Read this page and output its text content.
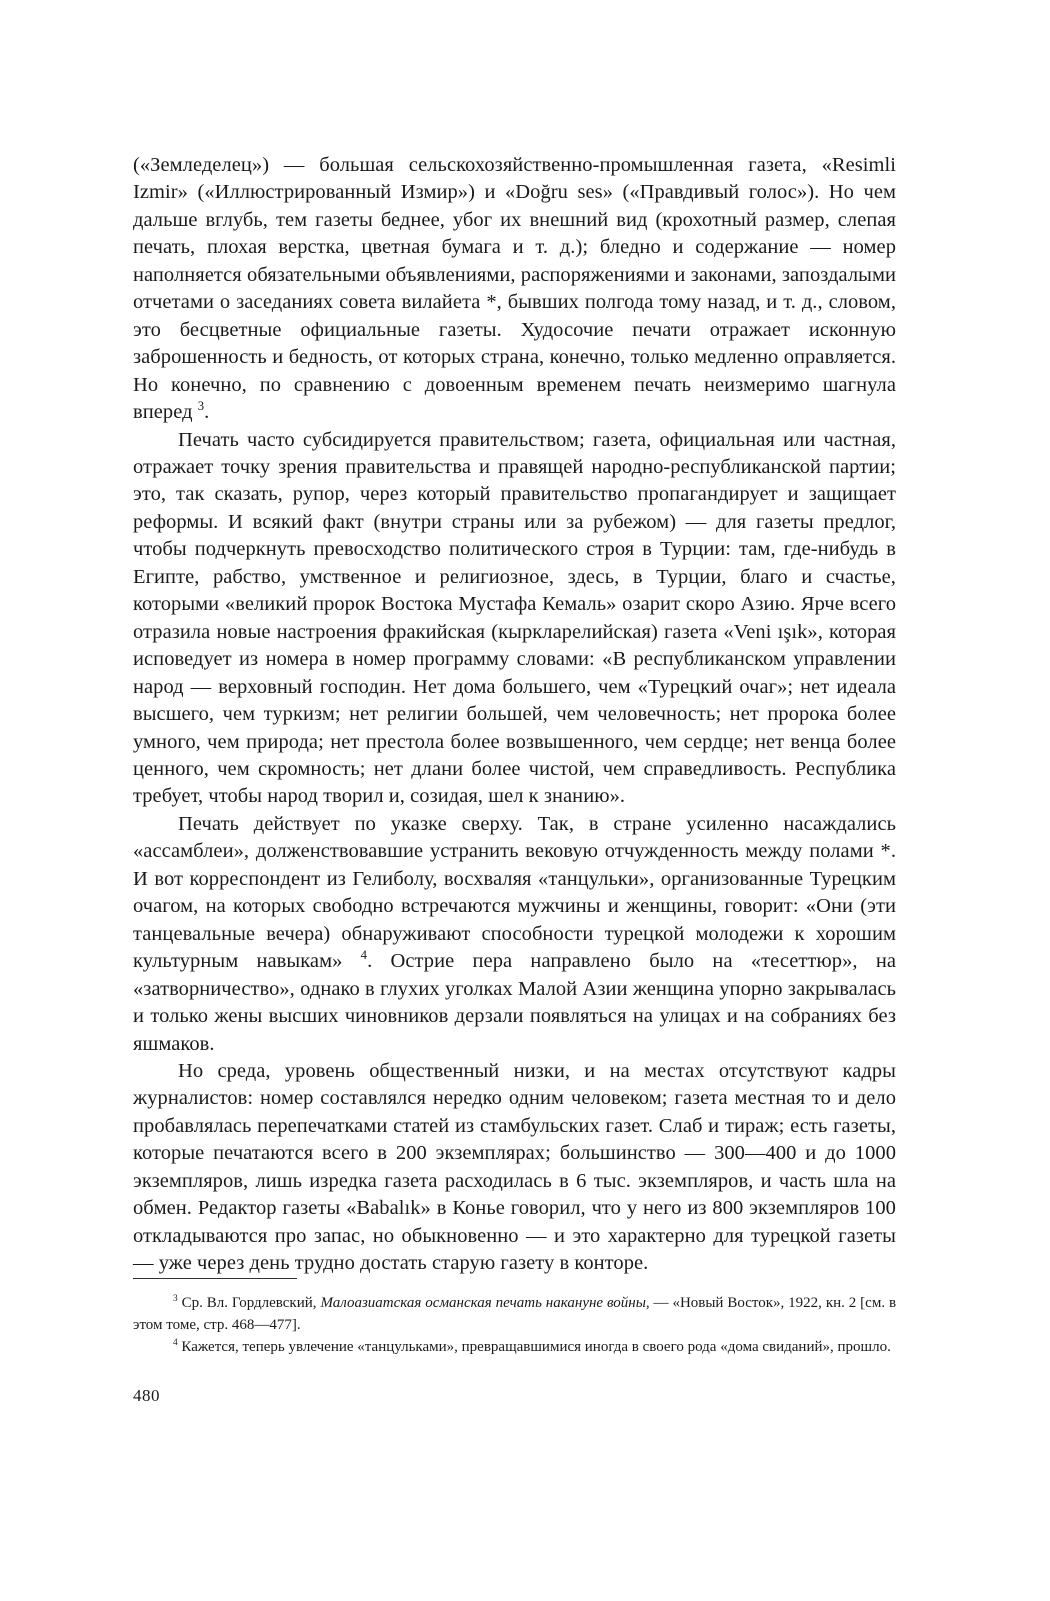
(«Земледелец») — большая сельскохозяйственно-промышленная газета, «Resimli Izmir» («Иллюстрированный Измир») и «Doğru ses» («Правдивый голос»). Но чем дальше вглубь, тем газеты беднее, убог их внешний вид (крохотный размер, слепая печать, плохая верстка, цветная бумага и т. д.); бледно и содержание — номер наполняется обязательными объявлениями, распоряжениями и законами, запоздалыми отчетами о заседаниях совета вилайета *, бывших полгода тому назад, и т. д., словом, это бесцветные официальные газеты. Худосочие печати отражает исконную заброшенность и бедность, от которых страна, конечно, только медленно оправляется. Но конечно, по сравнению с довоенным временем печать неизмеримо шагнула вперед $^3$.

Печать часто субсидируется правительством; газета, официальная или частная, отражает точку зрения правительства и правящей народно-республиканской партии; это, так сказать, рупор, через который правительство пропагандирует и защищает реформы. И всякий факт (внутри страны или за рубежом) — для газеты предлог, чтобы подчеркнуть превосходство политического строя в Турции: там, где-нибудь в Египте, рабство, умственное и религиозное, здесь, в Турции, благо и счастье, которыми «великий пророк Востока Мустафа Кемаль» озарит скоро Азию. Ярче всего отразила новые настроения фракийская (кыркларелийская) газета «Veni ışık», которая исповедует из номера в номер программу словами: «В республиканском управлении народ — верховный господин. Нет дома большего, чем «Турецкий очаг»; нет идеала высшего, чем туркизм; нет религии большей, чем человечность; нет пророка более умного, чем природа; нет престола более возвышенного, чем сердце; нет венца более ценного, чем скромность; нет длани более чистой, чем справедливость. Республика требует, чтобы народ творил и, созидая, шел к знанию».

Печать действует по указке сверху. Так, в стране усиленно насаждались «ассамблеи», долженствовавшие устранить вековую отчужденность между полами *. И вот корреспондент из Гелиболу, восхваляя «танцульки», организованные Турецким очагом, на которых свободно встречаются мужчины и женщины, говорит: «Они (эти танцевальные вечера) обнаруживают способности турецкой молодежи к хорошим культурным навыкам» $^4$. Острие пера направлено было на «тесеттюр», на «затворничество», однако в глухих уголках Малой Азии женщина упорно закрывалась и только жены высших чиновников дерзали появляться на улицах и на собраниях без яшмаков.

Но среда, уровень общественный низки, и на местах отсутствуют кадры журналистов: номер составлялся нередко одним человеком; газета местная то и дело пробавлялась перепечатками статей из стамбульских газет. Слаб и тираж; есть газеты, которые печатаются всего в 200 экземплярах; большинство — 300—400 и до 1000 экземпляров, лишь изредка газета расходилась в 6 тыс. экземпляров, и часть шла на обмен. Редактор газеты «Babalık» в Конье говорил, что у него из 800 экземпляров 100 откладываются про запас, но обыкновенно — и это характерно для турецкой газеты — уже через день трудно достать старую газету в конторе.

$^3$ Ср. Вл. Гордлевский, Малоазиатская османская печать накануне войны, — «Новый Восток», 1922, кн. 2 [см. в этом томе, стр. 468—477].

$^4$ Кажется, теперь увлечение «танцульками», превращавшимися иногда в своего рода «дома свиданий», прошло.

480
